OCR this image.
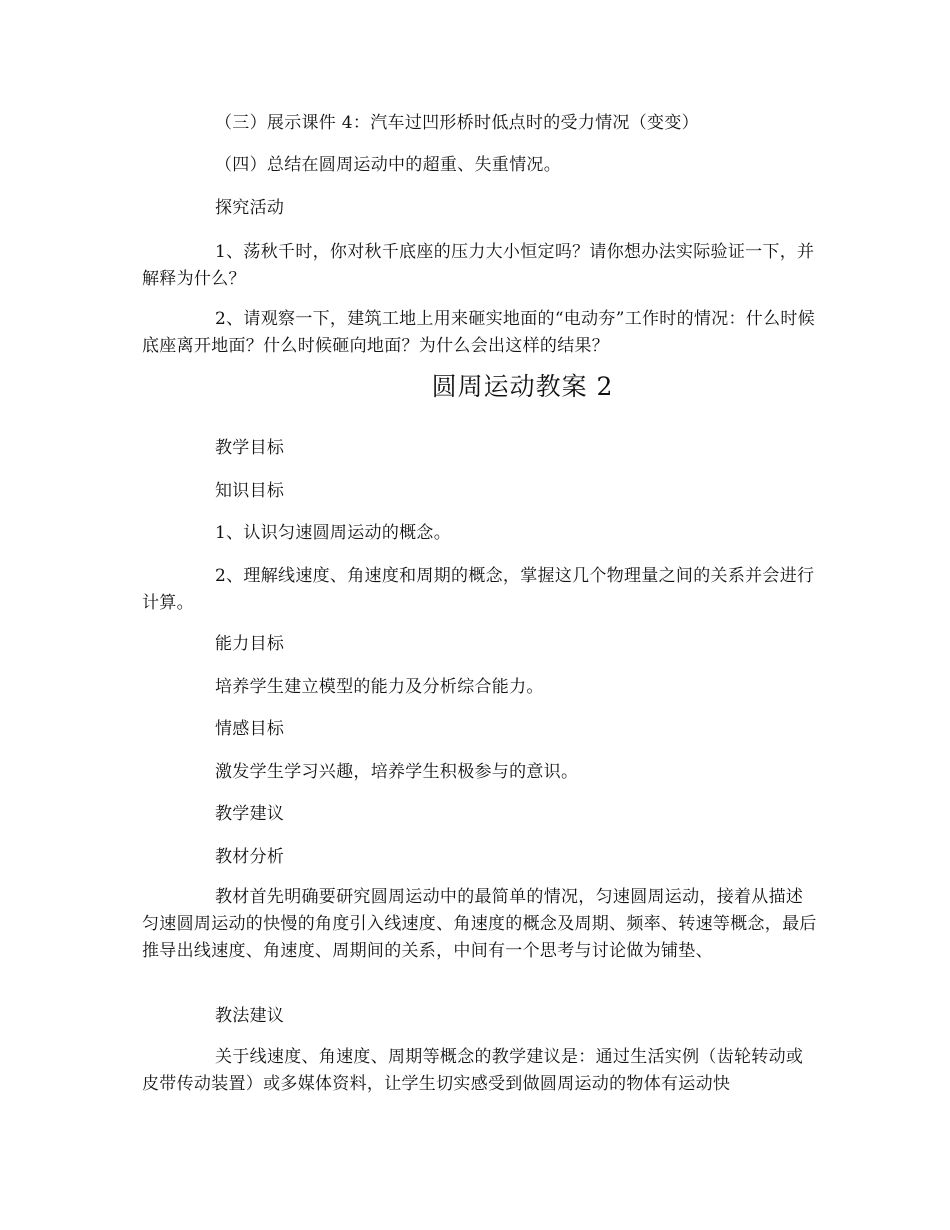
（三）展示课件 4：汽车过凹形桥时低点时的受力情况（变变）

（四）总结在圆周运动中的超重、失重情况。

探究活动

1、荡秋千时，你对秋千底座的压力大小恒定吗？请你想办法实际验证一下，并解释为什么？

2、请观察一下，建筑工地上用来砸实地面的“电动夯”工作时的情况：什么时候底座离开地面？什么时候砸向地面？为什么会出这样的结果？

圆周运动教案 2

教学目标

知识目标

1、认识匀速圆周运动的概念。

2、理解线速度、角速度和周期的概念，掌握这几个物理量之间的关系并会进行计算。

能力目标

培养学生建立模型的能力及分析综合能力。

情感目标

激发学生学习兴趣，培养学生积极参与的意识。

教学建议

教材分析

教材首先明确要研究圆周运动中的最简单的情况，匀速圆周运动，接着从描述匀速圆周运动的快慢的角度引入线速度、角速度的概念及周期、频率、转速等概念，最后推导出线速度、角速度、周期间的关系，中间有一个思考与讨论做为铺垫、

教法建议

关于线速度、角速度、周期等概念的教学建议是：通过生活实例（齿轮转动或皮带传动装置）或多媒体资料，让学生切实感受到做圆周运动的物体有运动快
